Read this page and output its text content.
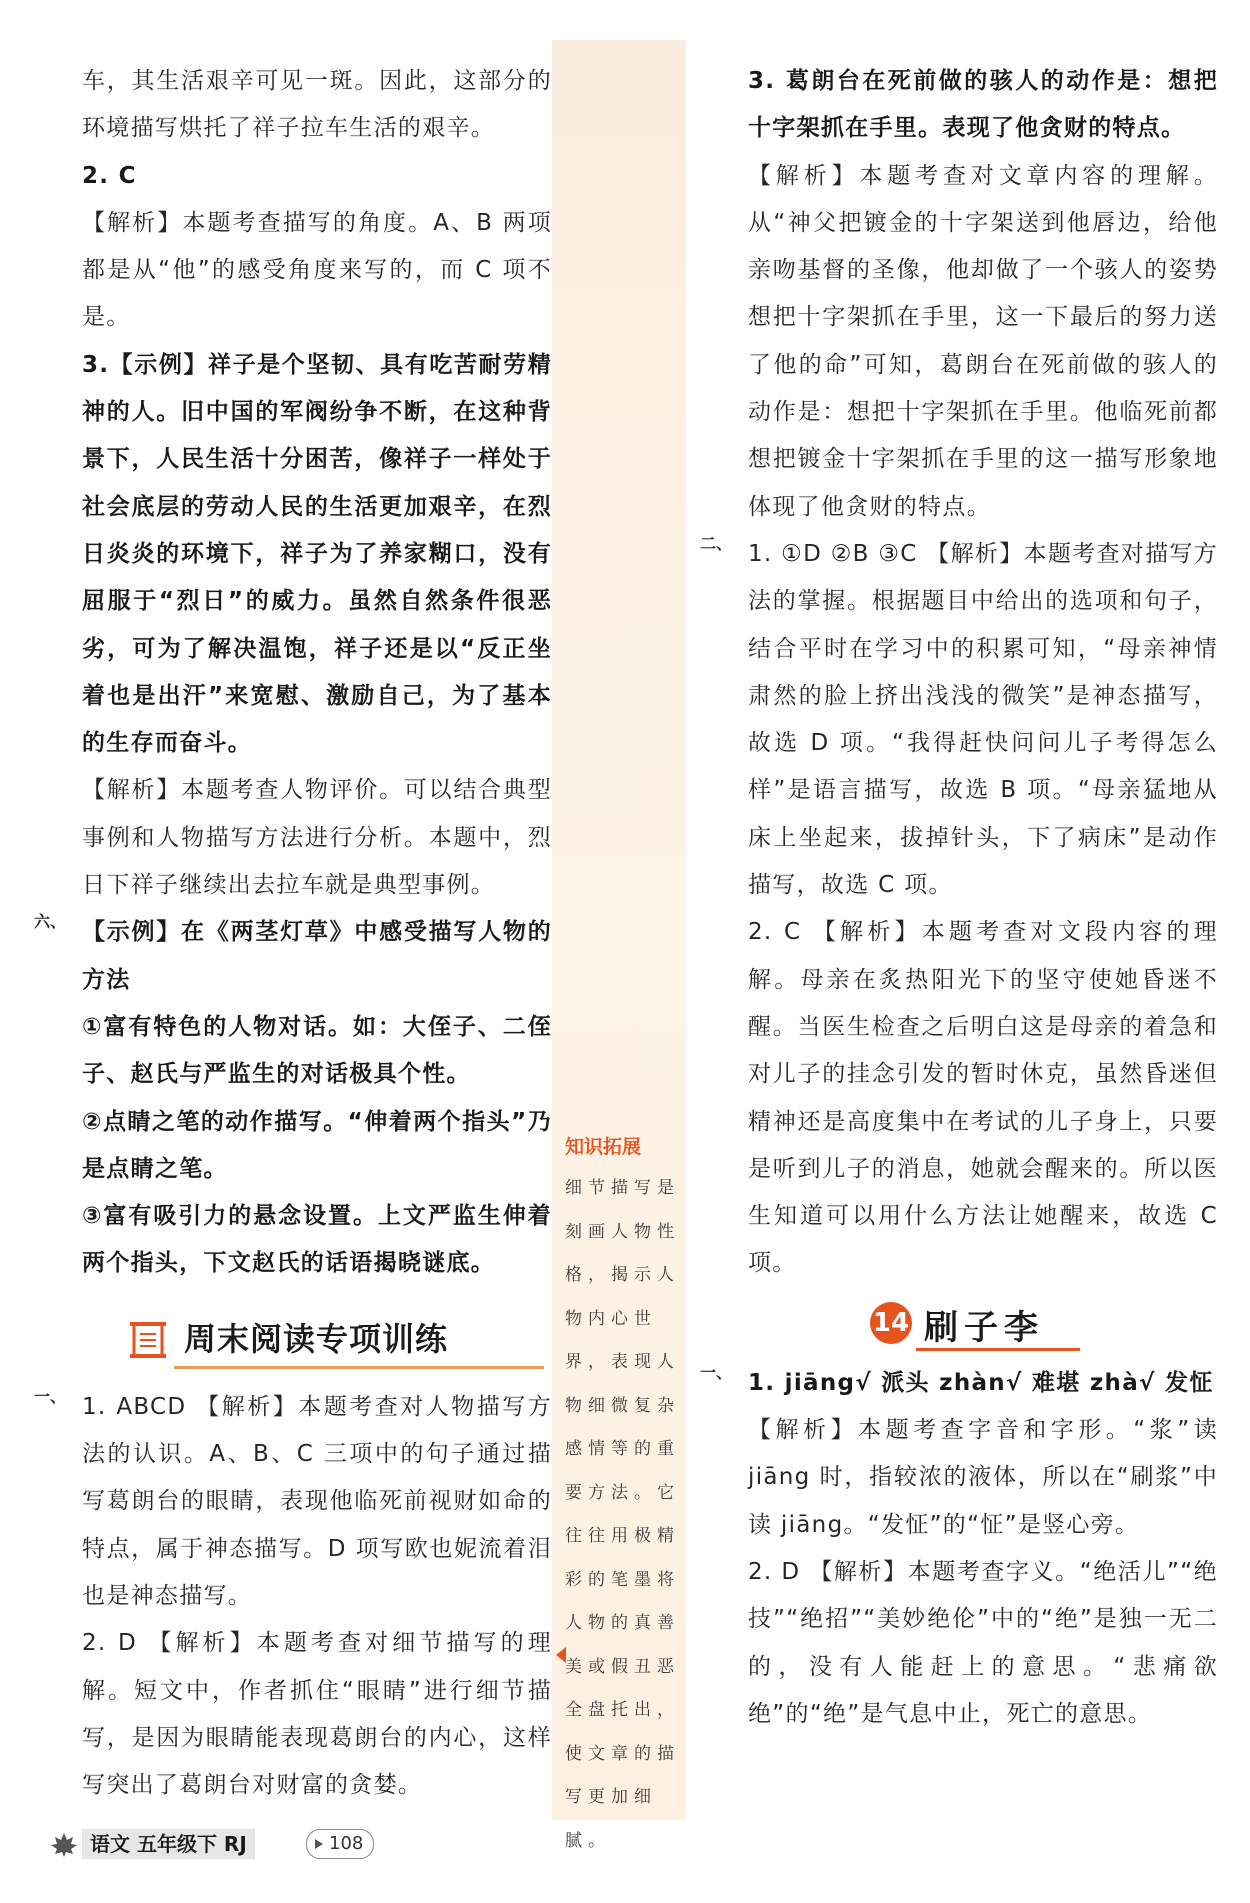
车，其生活艰辛可见一斑。因此，这部分的环境描写烘托了祥子拉车生活的艰辛。

2. C

【解析】本题考查描写的角度。A、B 两项都是从“他”的感受角度来写的，而 C 项不是。

3.【示例】祥子是个坚韧、具有吃苦耐劳精神的人。旧中国的军阀纷争不断，在这种背景下，人民生活十分困苦，像祥子一样处于社会底层的劳动人民的生活更加艰辛，在烈日炎炎的环境下，祥子为了养家糊口，没有屈服于“烈日”的威力。虽然自然条件很恶劣，可为了解决温饱，祥子还是以“反正坐着也是出汗”来宽慰、激励自己，为了基本的生存而奋斗。

【解析】本题考查人物评价。可以结合典型事例和人物描写方法进行分析。本题中，烈日下祥子继续出去拉车就是典型事例。

六、 【示例】在《两茎灯草》中感受描写人物的方法

①富有特色的人物对话。如：大侄子、二侄子、赵氏与严监生的对话极具个性。

②点睛之笔的动作描写。“伸着两个指头”乃是点睛之笔。

③富有吸引力的悬念设置。上文严监生伸着两个指头，下文赵氏的话语揭晓谜底。

周末阅读专项训练
一、 1. ABCD 【解析】本题考查对人物描写方法的认识。A、B、C 三项中的句子通过描写葛朗台的眼睛，表现他临死前视财如命的特点，属于神态描写。D 项写欧也妮流着泪也是神态描写。

2. D 【解析】本题考查对细节描写的理解。短文中，作者抓住“眼睛”进行细节描写，是因为眼睛能表现葛朗台的内心，这样写突出了葛朗台对财富的贪婪。

知识拓展

细节描写是刻画人物性格，揭示人物内心世界，表现人物细微复杂感情等的重要方法。它往往用极精彩的笔墨将人物的真善美或假丑恶全盘托出，使文章的描写更加细腻。

3. 葛朗台在死前做的骇人的动作是：想把十字架抓在手里。表现了他贪财的特点。

【解析】本题考查对文章内容的理解。从“神父把镀金的十字架送到他唇边，给他亲吻基督的圣像，他却做了一个骇人的姿势想把十字架抓在手里，这一下最后的努力送了他的命”可知，葛朗台在死前做的骇人的动作是：想把十字架抓在手里。他临死前都想把镀金十字架抓在手里的这一描写形象地体现了他贪财的特点。

二、 1. ①D ②B ③C 【解析】本题考查对描写方法的掌握。根据题目中给出的选项和句子，结合平时在学习中的积累可知，“母亲神情肃然的脸上挤出浅浅的微笑”是神态描写，故选 D 项。“我得赶快问问儿子考得怎么样”是语言描写，故选 B 项。“母亲猛地从床上坐起来，拔掉针头，下了病床”是动作描写，故选 C 项。

2. C 【解析】本题考查对文段内容的理解。母亲在炙热阳光下的坚守使她昏迷不醒。当医生检查之后明白这是母亲的着急和对儿子的挂念引发的暂时休克，虽然昏迷但精神还是高度集中在考试的儿子身上，只要是听到儿子的消息，她就会醒来的。所以医生知道可以用什么方法让她醒来，故选 C 项。

14 刷子李
一、 1. jiāng√ 派头 zhàn√ 难堪 zhà√ 发怔

【解析】本题考查字音和字形。“浆”读 jiāng 时，指较浓的液体，所以在“刷浆”中读 jiāng。“发怔”的“怔”是竖心旁。

2. D 【解析】本题考查字义。“绝活儿”“绝技”“绝招”“美妙绝伦”中的“绝”是独一无二的，没有人能赶上的意思。“悲痛欲绝”的“绝”是气息中止，死亡的意思。

语文 五年级下 RJ	108
